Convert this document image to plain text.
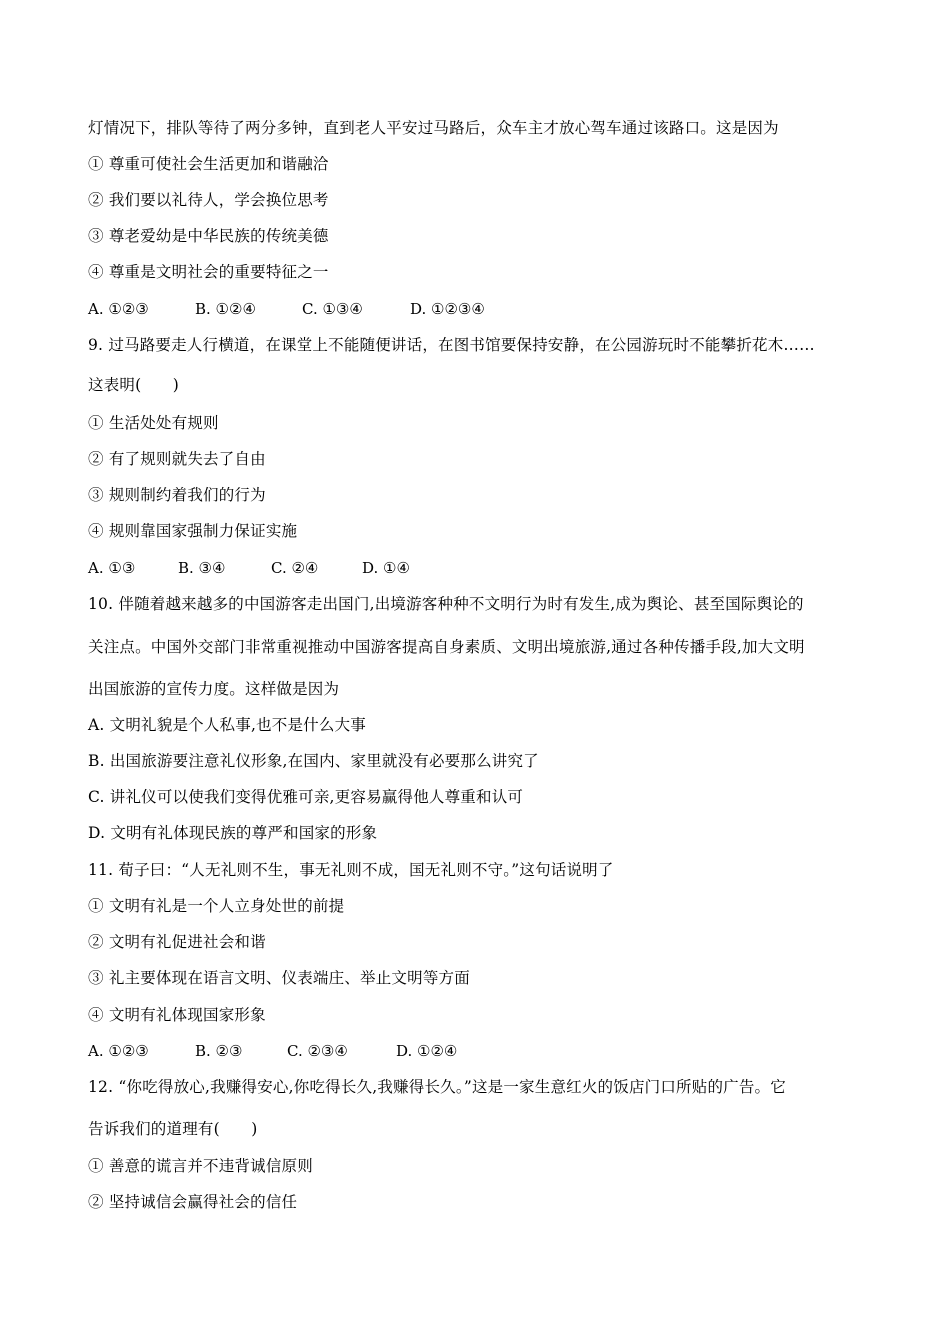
灯情况下，排队等待了两分多钟，直到老人平安过马路后，众车主才放心驾车通过该路口。这是因为
① 尊重可使社会生活更加和谐融洽
② 我们要以礼待人，学会换位思考
③ 尊老爱幼是中华民族的传统美德
④ 尊重是文明社会的重要特征之一
A. ①②③	B. ①②④	C. ①③④	D. ①②③④
9. 过马路要走人行横道，在课堂上不能随便讲话，在图书馆要保持安静，在公园游玩时不能攀折花木……
这表明(　　)
① 生活处处有规则
② 有了规则就失去了自由
③ 规则制约着我们的行为
④ 规则靠国家强制力保证实施
A. ①③	B. ③④	C. ②④	D. ①④
10. 伴随着越来越多的中国游客走出国门,出境游客种种不文明行为时有发生,成为舆论、甚至国际舆论的
关注点。中国外交部门非常重视推动中国游客提高自身素质、文明出境旅游,通过各种传播手段,加大文明
出国旅游的宣传力度。这样做是因为
A. 文明礼貌是个人私事,也不是什么大事
B. 出国旅游要注意礼仪形象,在国内、家里就没有必要那么讲究了
C. 讲礼仪可以使我们变得优雅可亲,更容易赢得他人尊重和认可
D. 文明有礼体现民族的尊严和国家的形象
11. 荀子曰：“人无礼则不生，事无礼则不成，国无礼则不守。”这句话说明了
① 文明有礼是一个人立身处世的前提
② 文明有礼促进社会和谐
③ 礼主要体现在语言文明、仪表端庄、举止文明等方面
④ 文明有礼体现国家形象
A. ①②③	B. ②③	C. ②③④	D. ①②④
12. “你吃得放心,我赚得安心,你吃得长久,我赚得长久。”这是一家生意红火的饭店门口所贴的广告。它
告诉我们的道理有(　　)
① 善意的谎言并不违背诚信原则
② 坚持诚信会赢得社会的信任
